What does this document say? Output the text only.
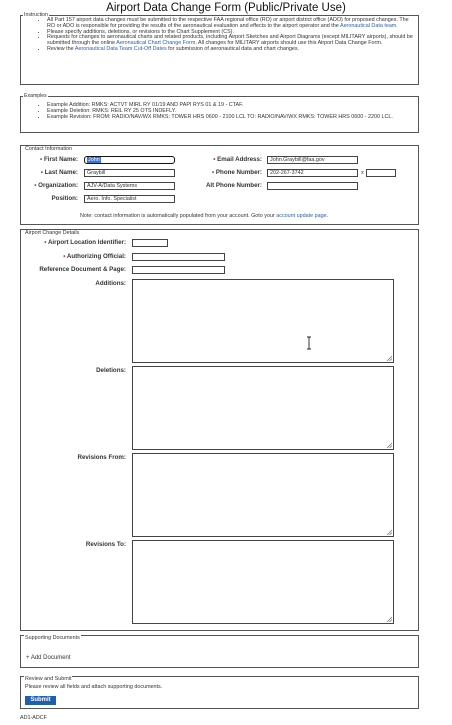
Airport Data Change Form (Public/Private Use)
Instruction
• All Part 157 airport data changes must be submitted to the respective FAA regional office (RO) or airport district office (ADO) for proposed changes. The RO or ADO is responsible for providing the results of the aeronautical evaluation and effects to the airport operator and the Aeronautical Data team.
• Please specify additions, deletions, or revisions to the Chart Supplement (CS).
• Requests for changes to aeronautical charts and related products, including Airport Sketches and Airport Diagrams (except MILITARY airports), should be submitted through the online Aeronautical Chart Change Form. All changes for MILITARY airports should use this Airport Data Change Form.
• Review the Aeronautical Data Team Cut-Off Dates for submission of aeronautical data and chart changes.
Examples
• Example Addition: RMKS: ACTVT MIRL RY 01/19 AND PAPI RYS 01 & 19 - CTAF.
• Example Deletion: RMKS: REIL RY 25 OTS INDEFLY.
• Example Revision: FROM: RADIO/NAV/WX RMKS: TOWER HRS 0600 - 2100 LCL TO: RADIO/NAV/WX RMKS: TOWER HRS 0600 - 2200 LCL.
Contact Information
• First Name:	John
• Last Name:	Graybill
• Organization:	AJV-A/Data Systems
Position:	Aero. Info. Specialist
• Email Address:	John.Graybill@faa.gov
• Phone Number:	202-267-3742	x
Alt Phone Number:
Note: contact information is automatically populated from your account. Goto your account update page.
Airport Change Details
• Airport Location Identifier:
• Authorizing Official:
Reference Document & Page:
Additions:
Deletions:
Revisions From:
Revisions To:
Supporting Documents
+ Add Document
Review and Submit
Please review all fields and attach supporting documents.
Submit
AD1-ADCF
